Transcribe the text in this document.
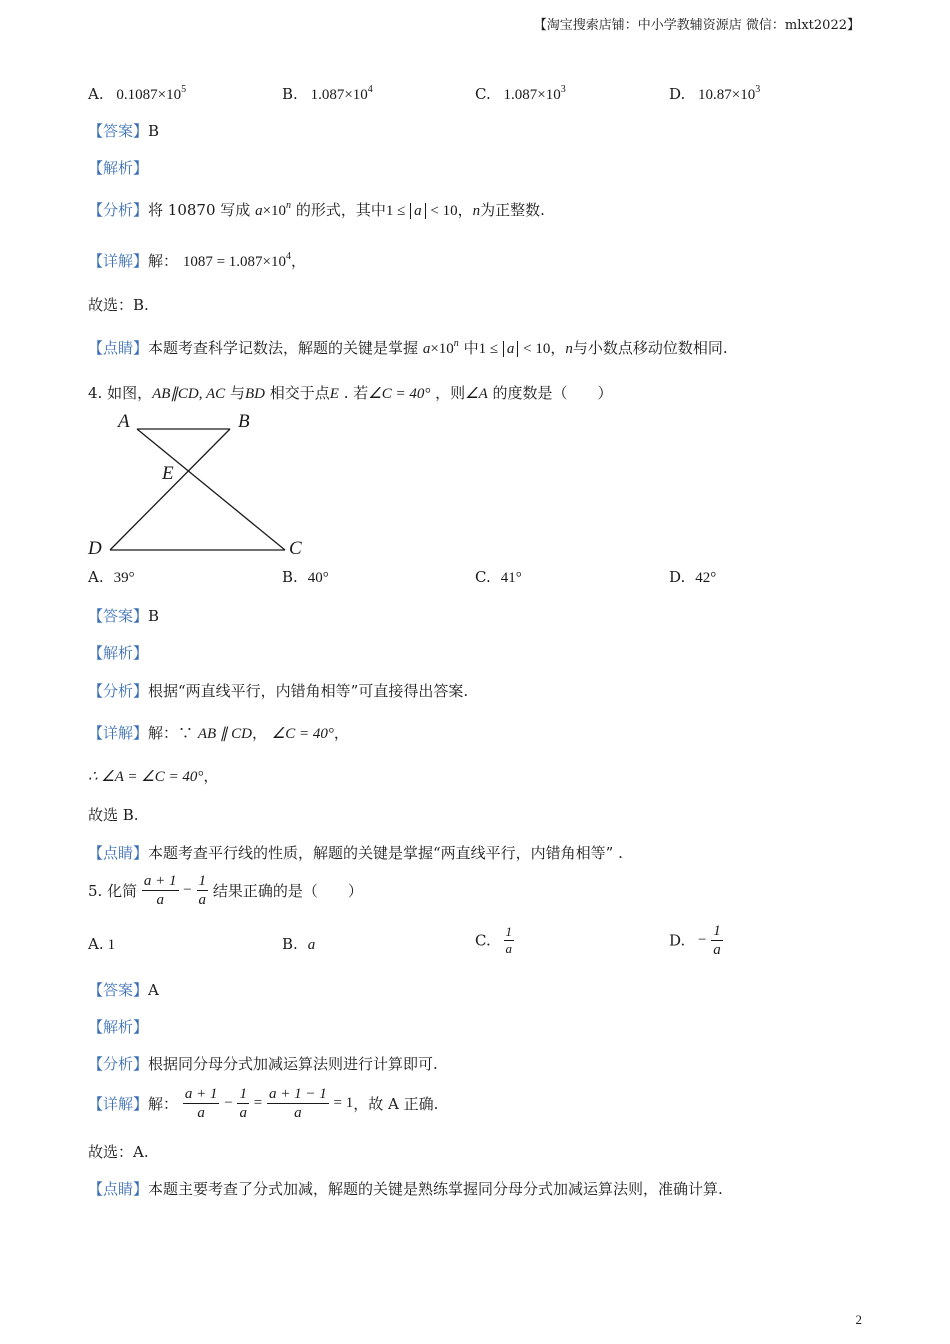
【淘宝搜索店铺：中小学教辅资源店 微信：mlxt2022】
A. $0.1087\times 10^5$	B. $1.087\times 10^4$	C. $1.087\times 10^3$	D. $10.87\times 10^3$
【答案】B
【解析】
【分析】将 10870 写成 $a\times 10^n$ 的形式，其中1 ≤ a < 10，n为正整数.
【详解】解： $1087 = 1.087\times 10^4$，
故选：B.
【点睛】本题考查科学记数法，解题的关键是掌握 $a\times 10^n$ 中1 ≤ a < 10，n与小数点移动位数相同.
4. 如图，AB∥CD, AC 与BD 相交于点E . 若∠C = 40° ，则∠A 的度数是（　　）
A	B
E
D	C
A. 39°	B. 40°	C. 41°	D. 42°
【答案】B
【解析】
【分析】根据“两直线平行，内错角相等”可直接得出答案.
【详解】解：∵ AB ∥ CD， ∠C = 40°，
∴ ∠A = ∠C = 40°，
故选 B.
【点睛】本题考查平行线的性质，解题的关键是掌握“两直线平行，内错角相等” .
5. 化简 $\frac{a + 1}{a} - \frac{1}{a}$ 结果正确的是（　　）
A. 1	B. a	C. $\frac{1}{a}$	D. − $\frac{1}{a}$
【答案】A
【解析】
【分析】根据同分母分式加减运算法则进行计算即可.
【详解】解： $\frac{a + 1}{a} - \frac{1}{a} = \frac{a + 1 - 1}{a} = 1$，故 A 正确.
故选：A.
【点睛】本题主要考查了分式加减，解题的关键是熟练掌握同分母分式加减运算法则，准确计算.
2
